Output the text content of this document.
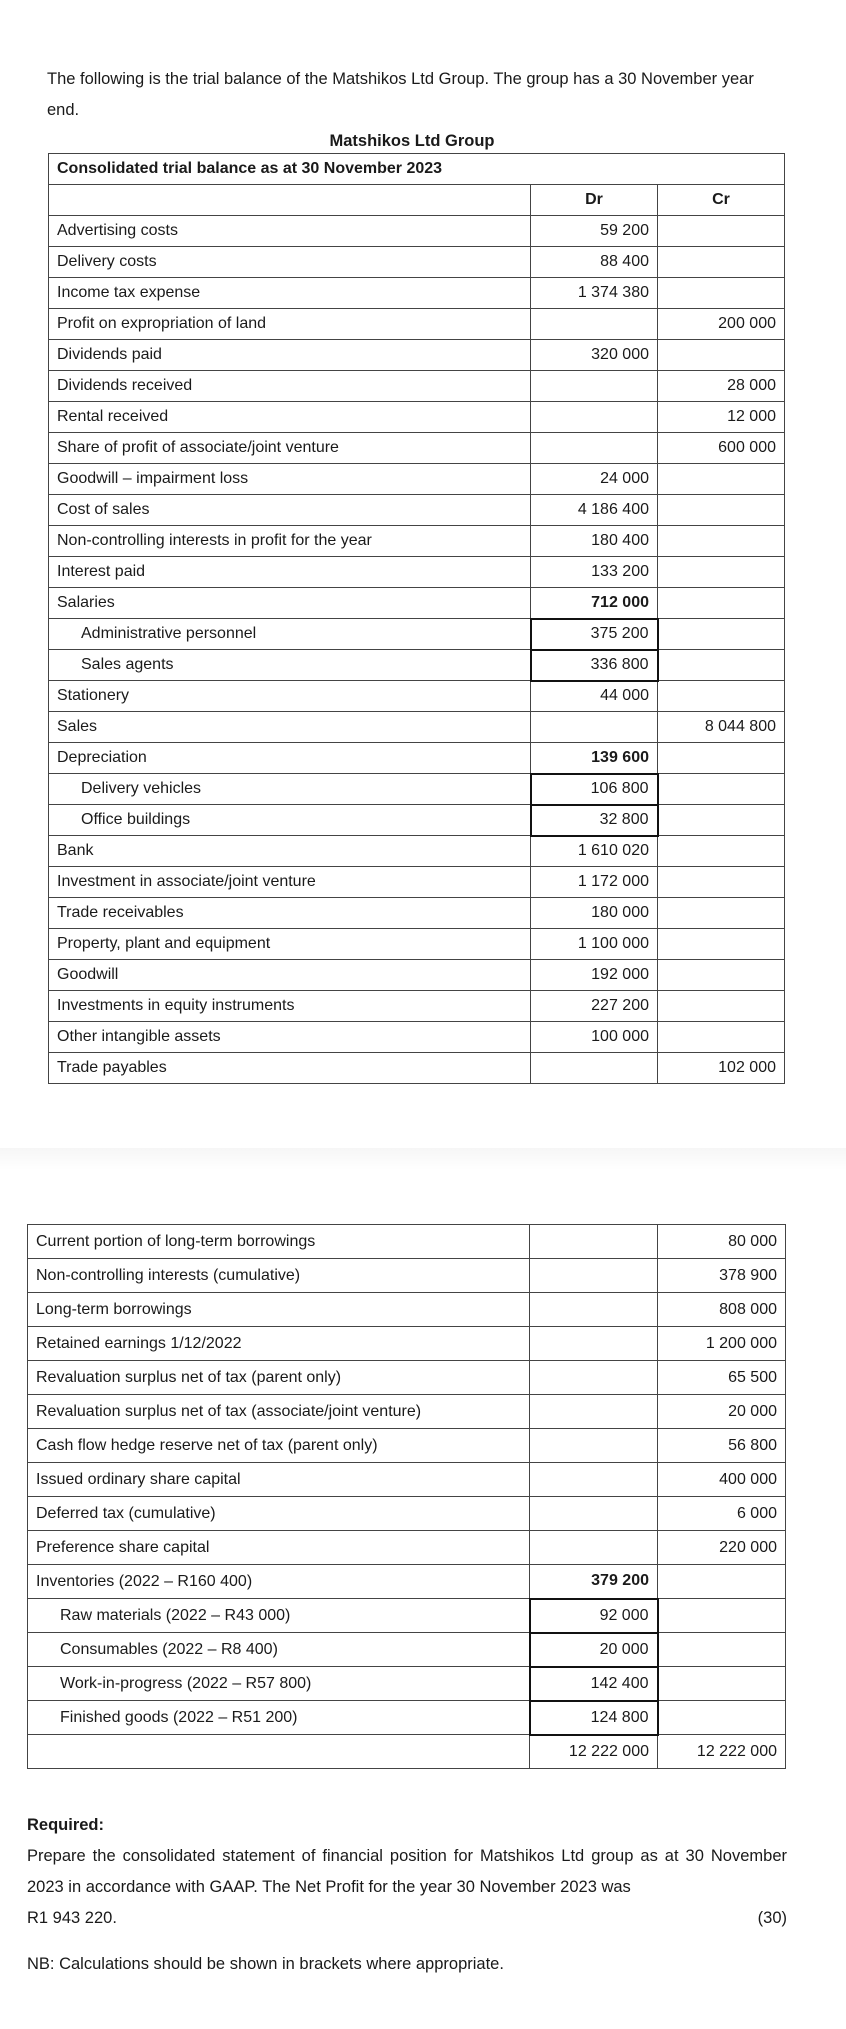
The following is the trial balance of the Matshikos Ltd Group. The group has a 30 November year end.
Matshikos Ltd Group
Consolidated trial balance as at 30 November 2023		
	Dr	Cr
Advertising costs	59 200	
Delivery costs	88 400	
Income tax expense	1 374 380	
Profit on expropriation of land		200 000
Dividends paid	320 000	
Dividends received		28 000
Rental received		12 000
Share of profit of associate/joint venture		600 000
Goodwill – impairment loss	24 000	
Cost of sales	4 186 400	
Non-controlling interests in profit for the year	180 400	
Interest paid	133 200	
Salaries	712 000	
Administrative personnel	375 200	
Sales agents	336 800	
Stationery	44 000	
Sales		8 044 800
Depreciation	139 600	
Delivery vehicles	106 800	
Office buildings	32 800	
Bank	1 610 020	
Investment in associate/joint venture	1 172 000	
Trade receivables	180 000	
Property, plant and equipment	1 100 000	
Goodwill	192 000	
Investments in equity instruments	227 200	
Other intangible assets	100 000	
Trade payables		102 000
Current portion of long-term borrowings		80 000
Non-controlling interests (cumulative)		378 900
Long-term borrowings		808 000
Retained earnings 1/12/2022		1 200 000
Revaluation surplus net of tax (parent only)		65 500
Revaluation surplus net of tax (associate/joint venture)		20 000
Cash flow hedge reserve net of tax (parent only)		56 800
Issued ordinary share capital		400 000
Deferred tax (cumulative)		6 000
Preference share capital		220 000
Inventories (2022 – R160 400)	379 200	
Raw materials (2022 – R43 000)	92 000	
Consumables (2022 – R8 400)	20 000	
Work-in-progress (2022 – R57 800)	142 400	
Finished goods (2022 – R51 200)	124 800	
	12 222 000	12 222 000
Required:
Prepare the consolidated statement of financial position for Matshikos Ltd group as at 30 November 2023 in accordance with GAAP. The Net Profit for the year 30 November 2023 was
R1 943 220.	(30)
NB: Calculations should be shown in brackets where appropriate.
